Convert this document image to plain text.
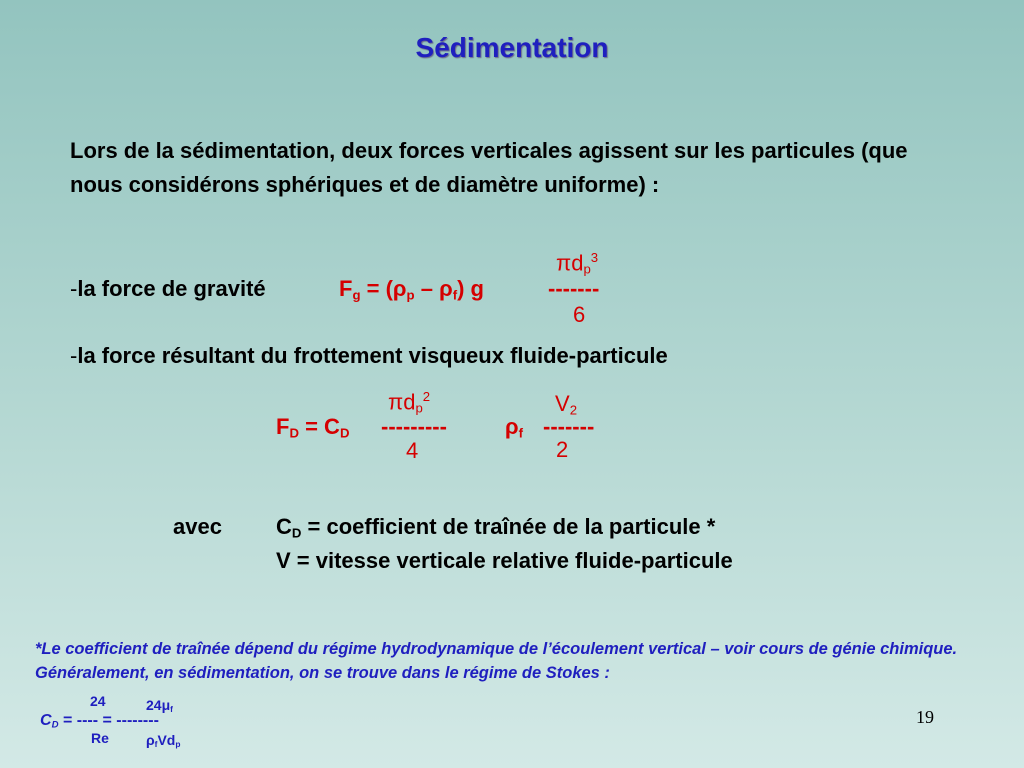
Sédimentation
Lors de la sédimentation, deux forces verticales agissent sur les particules (que nous considérons sphériques et de diamètre uniforme) :
-la force de gravité	$F_g = (\rho_p - \rho_f)$ g
$\pi d_p^3$
-------
6
-la force résultant du frottement visqueux fluide-particule
$\pi d_p^2$	$V_2$
$F_D = C_D$ ---------	$\rho_f$ -------
4	2
avec $C_D$ = coefficient de traînée de la particule *
V = vitesse verticale relative fluide-particule
*Le coefficient de traînée dépend du régime hydrodynamique de l’écoulement vertical – voir cours de génie chimique. Généralement, en sédimentation, on se trouve dans le régime de Stokes :
24	$24\mu_f$
$C_D$ = ---- = --------
Re	$\rho_fVd_p$
19
